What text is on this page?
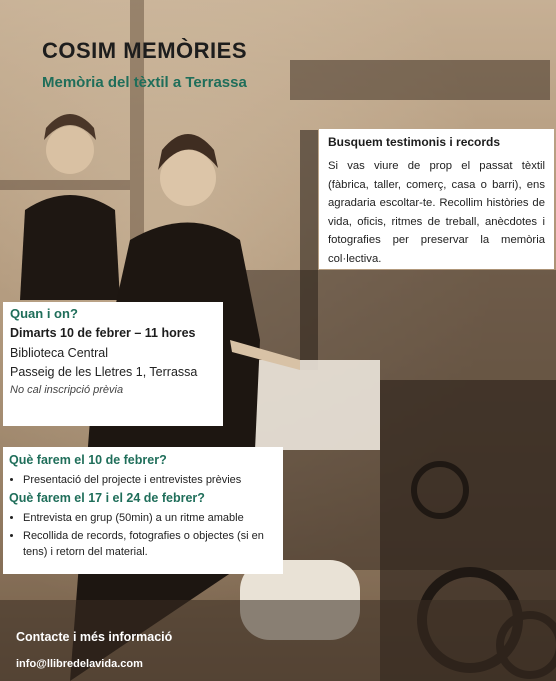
COSIM MEMÒRIES
Memòria del tèxtil a Terrassa
Busquem testimonis i records

Si vas viure de prop el passat tèxtil (fàbrica, taller, comerç, casa o barri), ens agradaria escoltar-te. Recollim històries de vida, oficis, ritmes de treball, anècdotes i fotografies per preservar la memòria col·lectiva.

Quan i on?
Dimarts 10 de febrer – 11 hores
Biblioteca Central
Passeig de les Lletres 1, Terrassa
No cal inscripció prèvia
Què farem el 10 de febrer?
• Presentació del projecte i entrevistes prèvies
Què farem el 17 i el 24 de febrer?
• Entrevista en grup (50min) a un ritme amable
• Recollida de records, fotografies o objectes (si en tens) i retorn del material.
Contacte i més informació
info@llibredelavida.com
